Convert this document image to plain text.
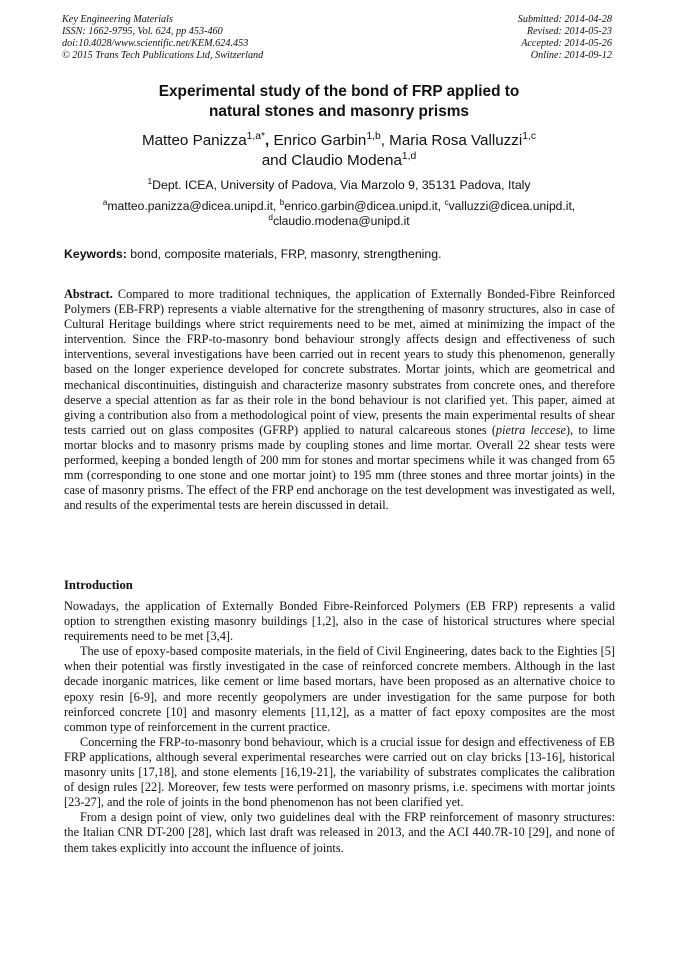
Key Engineering Materials
ISSN: 1662-9795, Vol. 624, pp 453-460
doi:10.4028/www.scientific.net/KEM.624.453
© 2015 Trans Tech Publications Ltd, Switzerland
Submitted: 2014-04-28
Revised: 2014-05-23
Accepted: 2014-05-26
Online: 2014-09-12
Experimental study of the bond of FRP applied to
natural stones and masonry prisms
Matteo Panizza$^{1,a*}$, Enrico Garbin$^{1,b}$, Maria Rosa Valluzzi$^{1,c}$
and Claudio Modena$^{1,d}$
$^1$Dept. ICEA, University of Padova, Via Marzolo 9, 35131 Padova, Italy
$^a$matteo.panizza@dicea.unipd.it, $^b$enrico.garbin@dicea.unipd.it, $^c$valluzzi@dicea.unipd.it,
$^d$claudio.modena@unipd.it
Keywords: bond, composite materials, FRP, masonry, strengthening.
Abstract. Compared to more traditional techniques, the application of Externally Bonded-Fibre Reinforced Polymers (EB-FRP) represents a viable alternative for the strengthening of masonry structures, also in case of Cultural Heritage buildings where strict requirements need to be met, aimed at minimizing the impact of the intervention. Since the FRP-to-masonry bond behaviour strongly affects design and effectiveness of such interventions, several investigations have been carried out in recent years to study this phenomenon, generally based on the longer experience developed for concrete substrates. Mortar joints, which are geometrical and mechanical discontinuities, distinguish and characterize masonry substrates from concrete ones, and therefore deserve a special attention as far as their role in the bond behaviour is not clarified yet. This paper, aimed at giving a contribution also from a methodological point of view, presents the main experimental results of shear tests carried out on glass composites (GFRP) applied to natural calcareous stones (pietra leccese), to lime mortar blocks and to masonry prisms made by coupling stones and lime mortar. Overall 22 shear tests were performed, keeping a bonded length of 200 mm for stones and mortar specimens while it was changed from 65 mm (corresponding to one stone and one mortar joint) to 195 mm (three stones and three mortar joints) in the case of masonry prisms. The effect of the FRP end anchorage on the test development was investigated as well, and results of the experimental tests are herein discussed in detail.
Introduction

Nowadays, the application of Externally Bonded Fibre-Reinforced Polymers (EB FRP) represents a valid option to strengthen existing masonry buildings [1,2], also in the case of historical structures where special requirements need to be met [3,4].

The use of epoxy-based composite materials, in the field of Civil Engineering, dates back to the Eighties [5] when their potential was firstly investigated in the case of reinforced concrete members. Although in the last decade inorganic matrices, like cement or lime based mortars, have been proposed as an alternative choice to epoxy resin [6-9], and more recently geopolymers are under investigation for the same purpose for both reinforced concrete [10] and masonry elements [11,12], as a matter of fact epoxy composites are the most common type of reinforcement in the current practice.

Concerning the FRP-to-masonry bond behaviour, which is a crucial issue for design and effectiveness of EB FRP applications, although several experimental researches were carried out on clay bricks [13-16], historical masonry units [17,18], and stone elements [16,19-21], the variability of substrates complicates the calibration of design rules [22]. Moreover, few tests were performed on masonry prisms, i.e. specimens with mortar joints [23-27], and the role of joints in the bond phenomenon has not been clarified yet.

From a design point of view, only two guidelines deal with the FRP reinforcement of masonry structures: the Italian CNR DT-200 [28], which last draft was released in 2013, and the ACI 440.7R-10 [29], and none of them takes explicitly into account the influence of joints.
